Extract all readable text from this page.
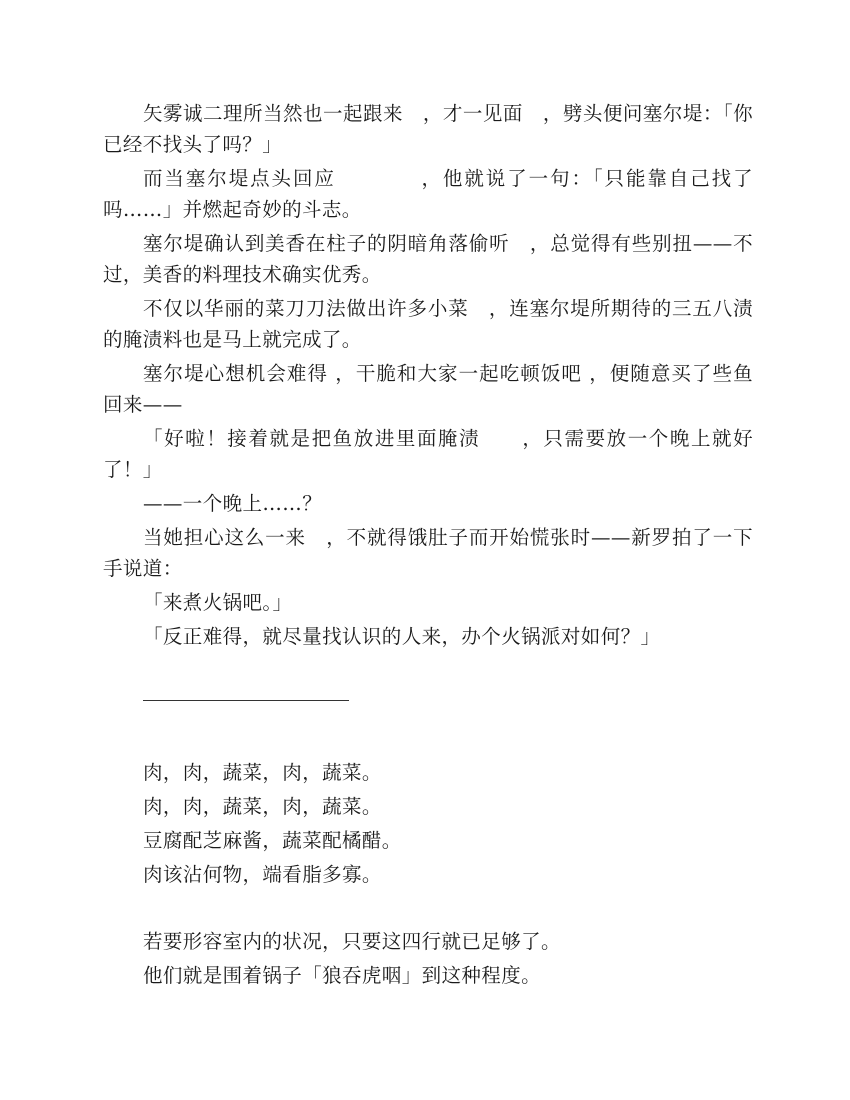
矢雾诚二理所当然也一起跟来　，才一见面　，劈头便问塞尔堤：「你已经不找头了吗？」

而当塞尔堤点头回应　　　　，他就说了一句：「只能靠自己找了吗……」并燃起奇妙的斗志。

塞尔堤确认到美香在柱子的阴暗角落偷听　，总觉得有些别扭——不过，美香的料理技术确实优秀。

不仅以华丽的菜刀刀法做出许多小菜　，连塞尔堤所期待的三五八渍的腌渍料也是马上就完成了。

塞尔堤心想机会难得 ，干脆和大家一起吃顿饭吧 ，便随意买了些鱼回来——

「好啦！接着就是把鱼放进里面腌渍　　，只需要放一个晚上就好了！」

——一个晚上……？

当她担心这么一来　，不就得饿肚子而开始慌张时——新罗拍了一下手说道：

「来煮火锅吧。」

「反正难得，就尽量找认识的人来，办个火锅派对如何？」

肉，肉，蔬菜，肉，蔬菜。

肉，肉，蔬菜，肉，蔬菜。

豆腐配芝麻酱，蔬菜配橘醋。

肉该沾何物，端看脂多寡。

若要形容室内的状况，只要这四行就已足够了。

他们就是围着锅子「狼吞虎咽」到这种程度。
